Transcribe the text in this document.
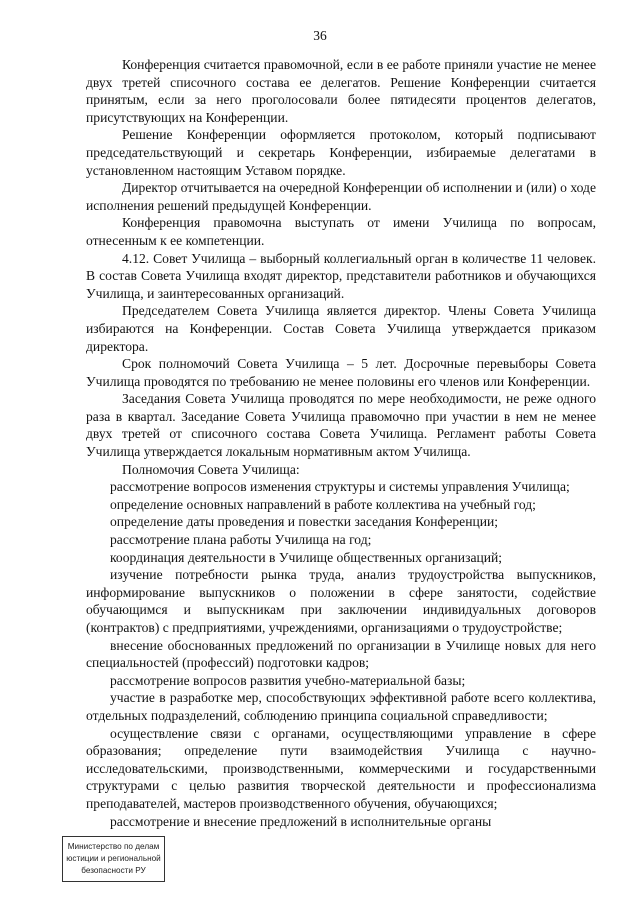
36

Конференция считается правомочной, если в ее работе приняли участие не менее двух третей списочного состава ее делегатов. Решение Конференции считается принятым, если за него проголосовали более пятидесяти процентов делегатов, присутствующих на Конференции.

Решение Конференции оформляется протоколом, который подписывают председательствующий и секретарь Конференции, избираемые делегатами в установленном настоящим Уставом порядке.

Директор отчитывается на очередной Конференции об исполнении и (или) о ходе исполнения решений предыдущей Конференции.

Конференция правомочна выступать от имени Училища по вопросам, отнесенным к ее компетенции.

4.12. Совет Училища – выборный коллегиальный орган в количестве 11 человек. В состав Совета Училища входят директор, представители работников и обучающихся Училища, и заинтересованных организаций.

Председателем Совета Училища является директор. Члены Совета Училища избираются на Конференции. Состав Совета Училища утверждается приказом директора.

Срок полномочий Совета Училища – 5 лет. Досрочные перевыборы Совета Училища проводятся по требованию не менее половины его членов или Конференции.

Заседания Совета Училища проводятся по мере необходимости, не реже одного раза в квартал. Заседание Совета Училища правомочно при участии в нем не менее двух третей от списочного состава Совета Училища. Регламент работы Совета Училища утверждается локальным нормативным актом Училища.

Полномочия Совета Училища:

рассмотрение вопросов изменения структуры и системы управления Училища;

определение основных направлений в работе коллектива на учебный год;

определение даты проведения и повестки заседания Конференции;

рассмотрение плана работы Училища на год;

координация деятельности в Училище общественных организаций;

изучение потребности рынка труда, анализ трудоустройства выпускников, информирование выпускников о положении в сфере занятости, содействие обучающимся и выпускникам при заключении индивидуальных договоров (контрактов) с предприятиями, учреждениями, организациями о трудоустройстве;

внесение обоснованных предложений по организации в Училище новых для него специальностей (профессий) подготовки кадров;

рассмотрение вопросов развития учебно-материальной базы;

участие в разработке мер, способствующих эффективной работе всего коллектива, отдельных подразделений, соблюдению принципа социальной справедливости;

осуществление связи с органами, осуществляющими управление в сфере образования; определение пути взаимодействия Училища с научно-исследовательскими, производственными, коммерческими и государственными структурами с целью развития творческой деятельности и профессионализма преподавателей, мастеров производственного обучения, обучающихся;

рассмотрение и внесение предложений в исполнительные органы

Министерство по делам
юстиции и региональной
безопасности РУ
